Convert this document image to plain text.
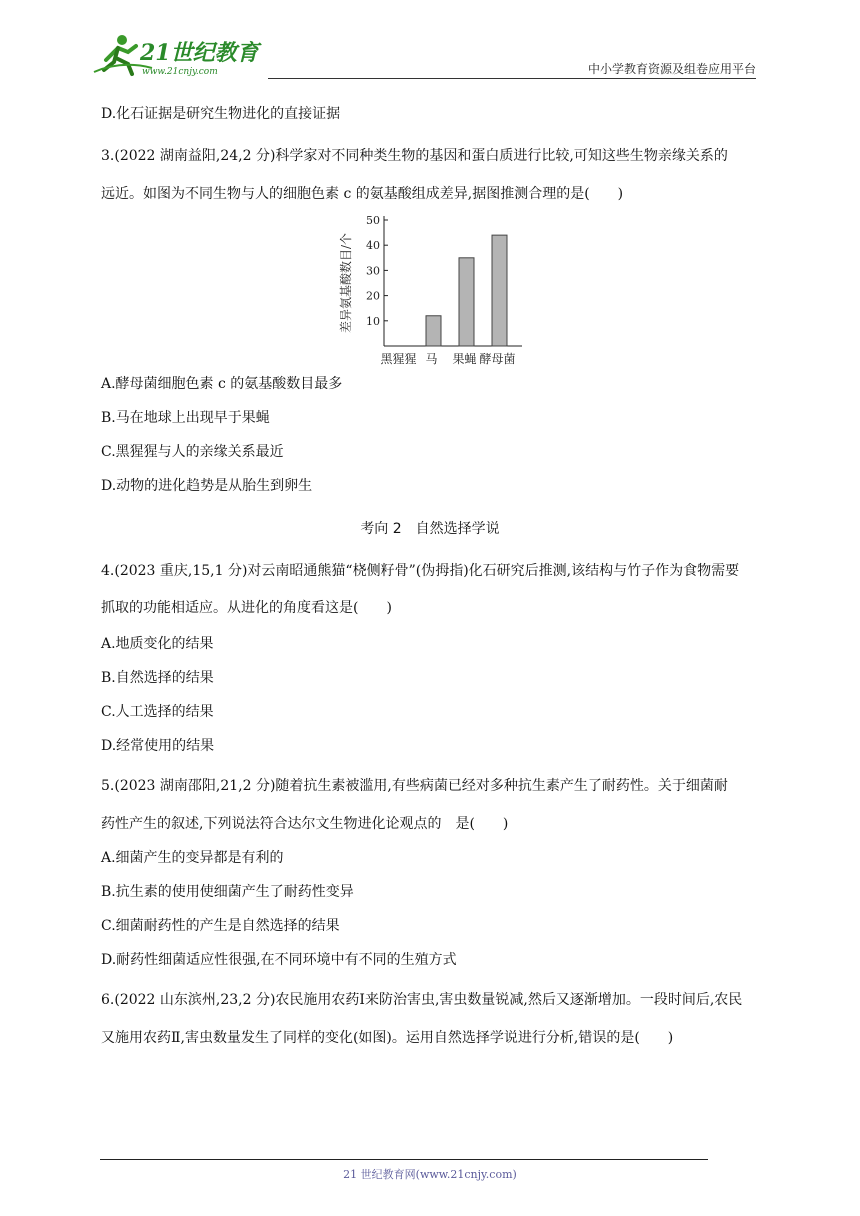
21世纪教育
www.21cnjy.com	中小学教育资源及组卷应用平台
D.化石证据是研究生物进化的直接证据
3.(2022 湖南益阳,24,2 分)科学家对不同种类生物的基因和蛋白质进行比较,可知这些生物亲缘关系的
远近。如图为不同生物与人的细胞色素 c 的氨基酸组成差异,据图推测合理的是(　　)
10
20
30
40
50
差异氨基酸数目/个
黑猩猩 马 果蝇 酵母菌
A.酵母菌细胞色素 c 的氨基酸数目最多
B.马在地球上出现早于果蝇
C.黑猩猩与人的亲缘关系最近
D.动物的进化趋势是从胎生到卵生
考向 2　自然选择学说
4.(2023 重庆,15,1 分)对云南昭通熊猫“桡侧籽骨”(伪拇指)化石研究后推测,该结构与竹子作为食物需要
抓取的功能相适应。从进化的角度看这是(　　)
A.地质变化的结果
B.自然选择的结果
C.人工选择的结果
D.经常使用的结果
5.(2023 湖南邵阳,21,2 分)随着抗生素被滥用,有些病菌已经对多种抗生素产生了耐药性。关于细菌耐
药性产生的叙述,下列说法符合达尔文生物进化论观点的　是(　　)
A.细菌产生的变异都是有利的
B.抗生素的使用使细菌产生了耐药性变异
C.细菌耐药性的产生是自然选择的结果
D.耐药性细菌适应性很强,在不同环境中有不同的生殖方式
6.(2022 山东滨州,23,2 分)农民施用农药Ⅰ来防治害虫,害虫数量锐减,然后又逐渐增加。一段时间后,农民
又施用农药Ⅱ,害虫数量发生了同样的变化(如图)。运用自然选择学说进行分析,错误的是(　　)
21 世纪教育网(www.21cnjy.com)
